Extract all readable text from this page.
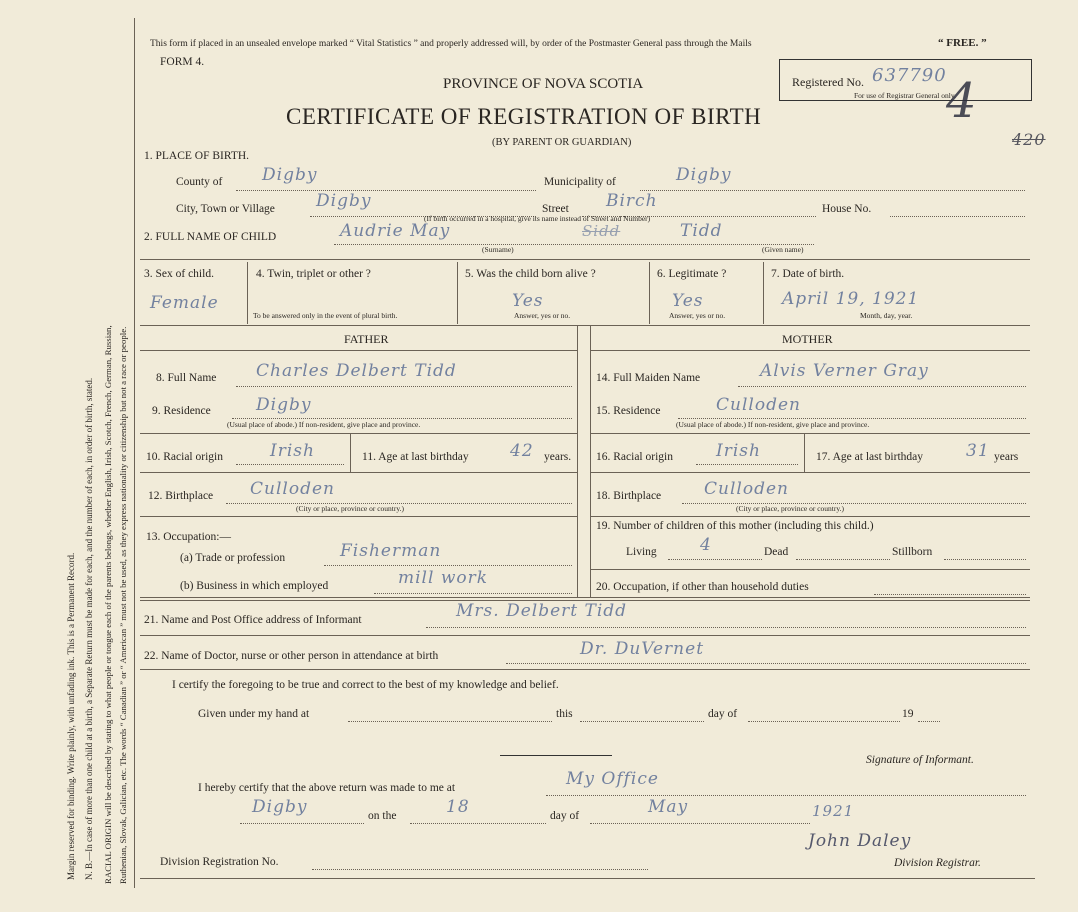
Margin reserved for binding. Write plainly, with unfading ink. This is a Permanent Record. N. B.—In case of more than one child at a birth, a Separate Return must be made for each, and the number of each, in order of birth, stated. RACIAL ORIGIN will be described by stating to what people or tongue each of the parents belongs, whether English, Irish, Scotch, French, German, Russian, Ruthenian, Slovak, Galician, etc. The words “ Canadian ” or “ American ” must not be used, as they express nationality or citizenship but not a race or people.
This form if placed in an unsealed envelope marked “ Vital Statistics ” and properly addressed will, by order of the Postmaster General pass through the Mails	“ FREE. ”
FORM 4.
PROVINCE OF NOVA SCOTIA
CERTIFICATE OF REGISTRATION OF BIRTH
(BY PARENT OR GUARDIAN)
Registered No. 637790
For use of Registrar General only.
4
420
1. PLACE OF BIRTH.
County of Digby	Municipality of	Digby
City, Town or Village Digby	Street Birch	House No.
(If birth occurred in a hospital, give its name instead of Street and Number)
2. FULL NAME OF CHILD	Audrie May	Sidd	Tidd
(Surname)	(Given name)
3. Sex of child.
Female
4. Twin, triplet or other ?
To be answered only in the event of plural birth.
5. Was the child born alive ?
Yes
Answer, yes or no.
6. Legitimate ?
Yes
Answer, yes or no.
7. Date of birth.
April 19, 1921
Month, day, year.
FATHER	MOTHER
8. Full Name Charles Delbert Tidd
9. Residence	Digby
(Usual place of abode.) If non-resident, give place and province.
10. Racial origin	Irish	11. Age at last birthday 42 years.
12. Birthplace Culloden
(City or place, province or country.)
13. Occupation:—
(a) Trade or profession	Fisherman
(b) Business in which employed	mill work
14. Full Maiden Name	Alvis Verner Gray
15. Residence	Culloden
(Usual place of abode.) If non-resident, give place and province.
16. Racial origin	Irish	17. Age at last birthday	31 years
18. Birthplace	Culloden
(City or place, province or country.)
19. Number of children of this mother (including this child.)
Living	4	Dead	Stillborn
20. Occupation, if other than household duties
21. Name and Post Office address of Informant	Mrs. Delbert Tidd
22. Name of Doctor, nurse or other person in attendance at birth	Dr. DuVernet
I certify the foregoing to be true and correct to the best of my knowledge and belief.
Given under my hand at	this	day of	19
Signature of Informant.
I hereby certify that the above return was made to me at	My Office
Digby	on the	18	day of	May	1921
Division Registration No.
John Daley
Division Registrar.
